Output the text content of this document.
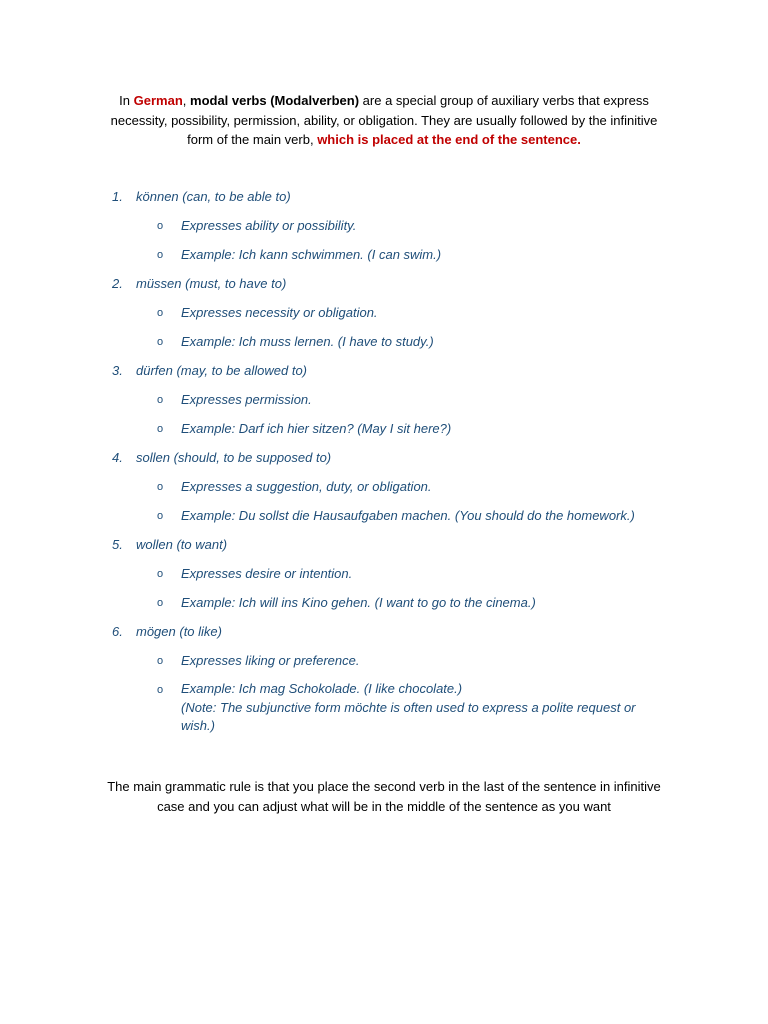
In German, modal verbs (Modalverben) are a special group of auxiliary verbs that express necessity, possibility, permission, ability, or obligation. They are usually followed by the infinitive form of the main verb, which is placed at the end of the sentence.

1.	können (can, to be able to)
o Expresses ability or possibility.
o Example: Ich kann schwimmen. (I can swim.)
2.	müssen (must, to have to)
o Expresses necessity or obligation.
o Example: Ich muss lernen. (I have to study.)
3.	dürfen (may, to be allowed to)
o Expresses permission.
o Example: Darf ich hier sitzen? (May I sit here?)
4.	sollen (should, to be supposed to)
o Expresses a suggestion, duty, or obligation.
o Example: Du sollst die Hausaufgaben machen. (You should do the homework.)
5.	wollen (to want)
o Expresses desire or intention.
o Example: Ich will ins Kino gehen. (I want to go to the cinema.)
6.	mögen (to like)
o Expresses liking or preference.
o Example: Ich mag Schokolade. (I like chocolate.)
(Note: The subjunctive form möchte is often used to express a polite request or wish.)

The main grammatic rule is that you place the second verb in the last of the sentence in infinitive case and you can adjust what will be in the middle of the sentence as you want
